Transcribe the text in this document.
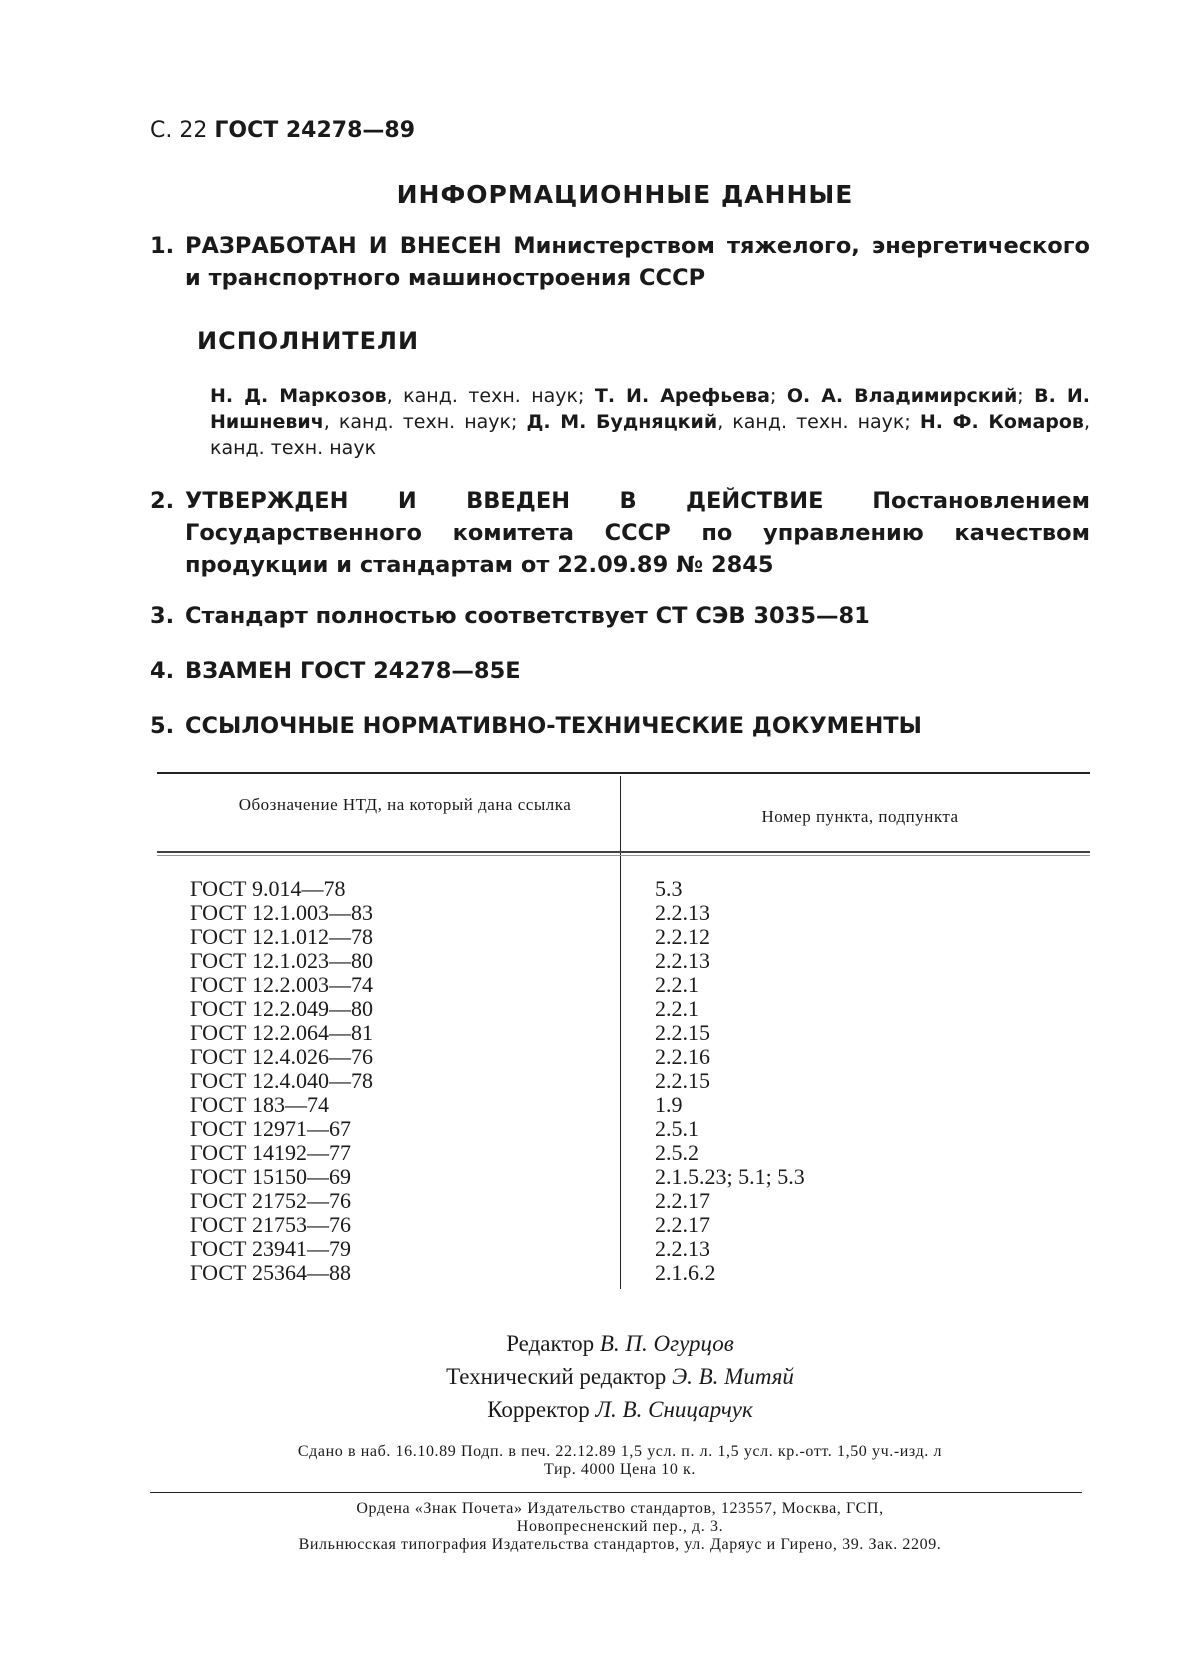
С. 22 ГОСТ 24278—89
ИНФОРМАЦИОННЫЕ ДАННЫЕ
1. РАЗРАБОТАН И ВНЕСЕН Министерством тяжелого, энергетического и транспортного машиностроения СССР
ИСПОЛНИТЕЛИ
Н. Д. Маркозов, канд. техн. наук; Т. И. Арефьева; О. А. Владимирский; В. И. Нишневич, канд. техн. наук; Д. М. Будняцкий, канд. техн. наук; Н. Ф. Комаров, канд. техн. наук
2. УТВЕРЖДЕН И ВВЕДЕН В ДЕЙСТВИЕ Постановлением Государственного комитета СССР по управлению качеством продукции и стандартам от 22.09.89 № 2845
3. Стандарт полностью соответствует СТ СЭВ 3035—81
4. ВЗАМЕН ГОСТ 24278—85Е
5. ССЫЛОЧНЫЕ НОРМАТИВНО-ТЕХНИЧЕСКИЕ ДОКУМЕНТЫ
Обозначение НТД, на который дана ссылка
Номер пункта, подпункта
ГОСТ 9.014—78
ГОСТ 12.1.003—83
ГОСТ 12.1.012—78
ГОСТ 12.1.023—80
ГОСТ 12.2.003—74
ГОСТ 12.2.049—80
ГОСТ 12.2.064—81
ГОСТ 12.4.026—76
ГОСТ 12.4.040—78
ГОСТ 183—74
ГОСТ 12971—67
ГОСТ 14192—77
ГОСТ 15150—69
ГОСТ 21752—76
ГОСТ 21753—76
ГОСТ 23941—79
ГОСТ 25364—88
5.3
2.2.13
2.2.12
2.2.13
2.2.1
2.2.1
2.2.15
2.2.16
2.2.15
1.9
2.5.1
2.5.2
2.1.5.23; 5.1; 5.3
2.2.17
2.2.17
2.2.13
2.1.6.2
Редактор В. П. Огурцов
Технический редактор Э. В. Митяй
Корректор Л. В. Сницарчук
Сдано в наб. 16.10.89 Подп. в печ. 22.12.89 1,5 усл. п. л. 1,5 усл. кр.-отт. 1,50 уч.-изд. л
Тир. 4000 Цена 10 к.
Ордена «Знак Почета» Издательство стандартов, 123557, Москва, ГСП,
Новопресненский пер., д. 3.
Вильнюсская типография Издательства стандартов, ул. Даряус и Гирено, 39. Зак. 2209.
